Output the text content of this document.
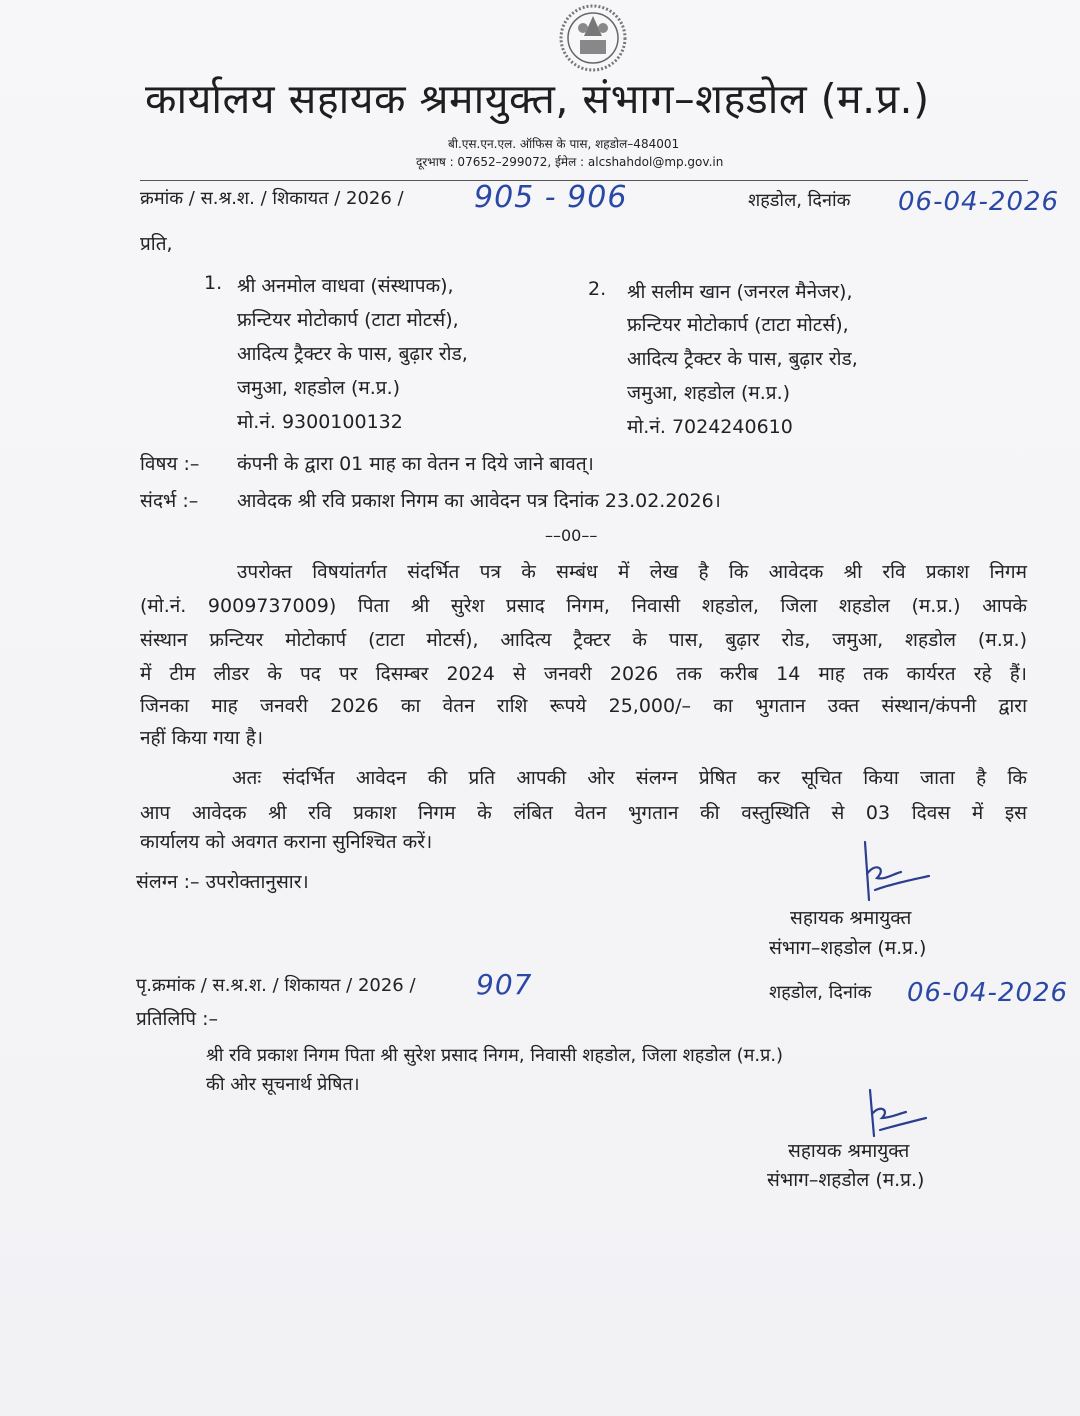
कार्यालय सहायक श्रमायुक्त, संभाग–शहडोल (म.प्र.)
बी.एस.एन.एल. ऑफिस के पास, शहडोल–484001
दूरभाष : 07652–299072, ईमेल : alcshahdol@mp.gov.in
क्रमांक / स.श्र.श. / शिकायत / 2026 / 905 - 906	शहडोल, दिनांक 06-04-2026
प्रति,
1. श्री अनमोल वाधवा (संस्थापक),
फ्रन्टियर मोटोकार्प (टाटा मोटर्स),
आदित्य ट्रैक्टर के पास, बुढ़ार रोड,
जमुआ, शहडोल (म.प्र.)
मो.नं. 9300100132
2. श्री सलीम खान (जनरल मैनेजर),
फ्रन्टियर मोटोकार्प (टाटा मोटर्स),
आदित्य ट्रैक्टर के पास, बुढ़ार रोड,
जमुआ, शहडोल (म.प्र.)
मो.नं. 7024240610
विषय :– कंपनी के द्वारा 01 माह का वेतन न दिये जाने बावत्।
संदर्भ :– आवेदक श्री रवि प्रकाश निगम का आवेदन पत्र दिनांक 23.02.2026।
––00––
उपरोक्त विषयांतर्गत संदर्भित पत्र के सम्बंध में लेख है कि आवेदक श्री रवि प्रकाश निगम
(मो.नं. 9009737009) पिता श्री सुरेश प्रसाद निगम, निवासी शहडोल, जिला शहडोल (म.प्र.) आपके
संस्थान फ्रन्टियर मोटोकार्प (टाटा मोटर्स), आदित्य ट्रैक्टर के पास, बुढ़ार रोड, जमुआ, शहडोल (म.प्र.)
में टीम लीडर के पद पर दिसम्बर 2024 से जनवरी 2026 तक करीब 14 माह तक कार्यरत रहे हैं।
जिनका माह जनवरी 2026 का वेतन राशि रूपये 25,000/– का भुगतान उक्त संस्थान/कंपनी द्वारा
नहीं किया गया है।
अतः संदर्भित आवेदन की प्रति आपकी ओर संलग्न प्रेषित कर सूचित किया जाता है कि
आप आवेदक श्री रवि प्रकाश निगम के लंबित वेतन भुगतान की वस्तुस्थिति से 03 दिवस में इस
कार्यालय को अवगत कराना सुनिश्चित करें।
संलग्न :– उपरोक्तानुसार।
सहायक श्रमायुक्त
संभाग–शहडोल (म.प्र.)
पृ.क्रमांक / स.श्र.श. / शिकायत / 2026 / 907	शहडोल, दिनांक 06-04-2026
प्रतिलिपि :–
श्री रवि प्रकाश निगम पिता श्री सुरेश प्रसाद निगम, निवासी शहडोल, जिला शहडोल (म.प्र.)
की ओर सूचनार्थ प्रेषित।
सहायक श्रमायुक्त
संभाग–शहडोल (म.प्र.)
